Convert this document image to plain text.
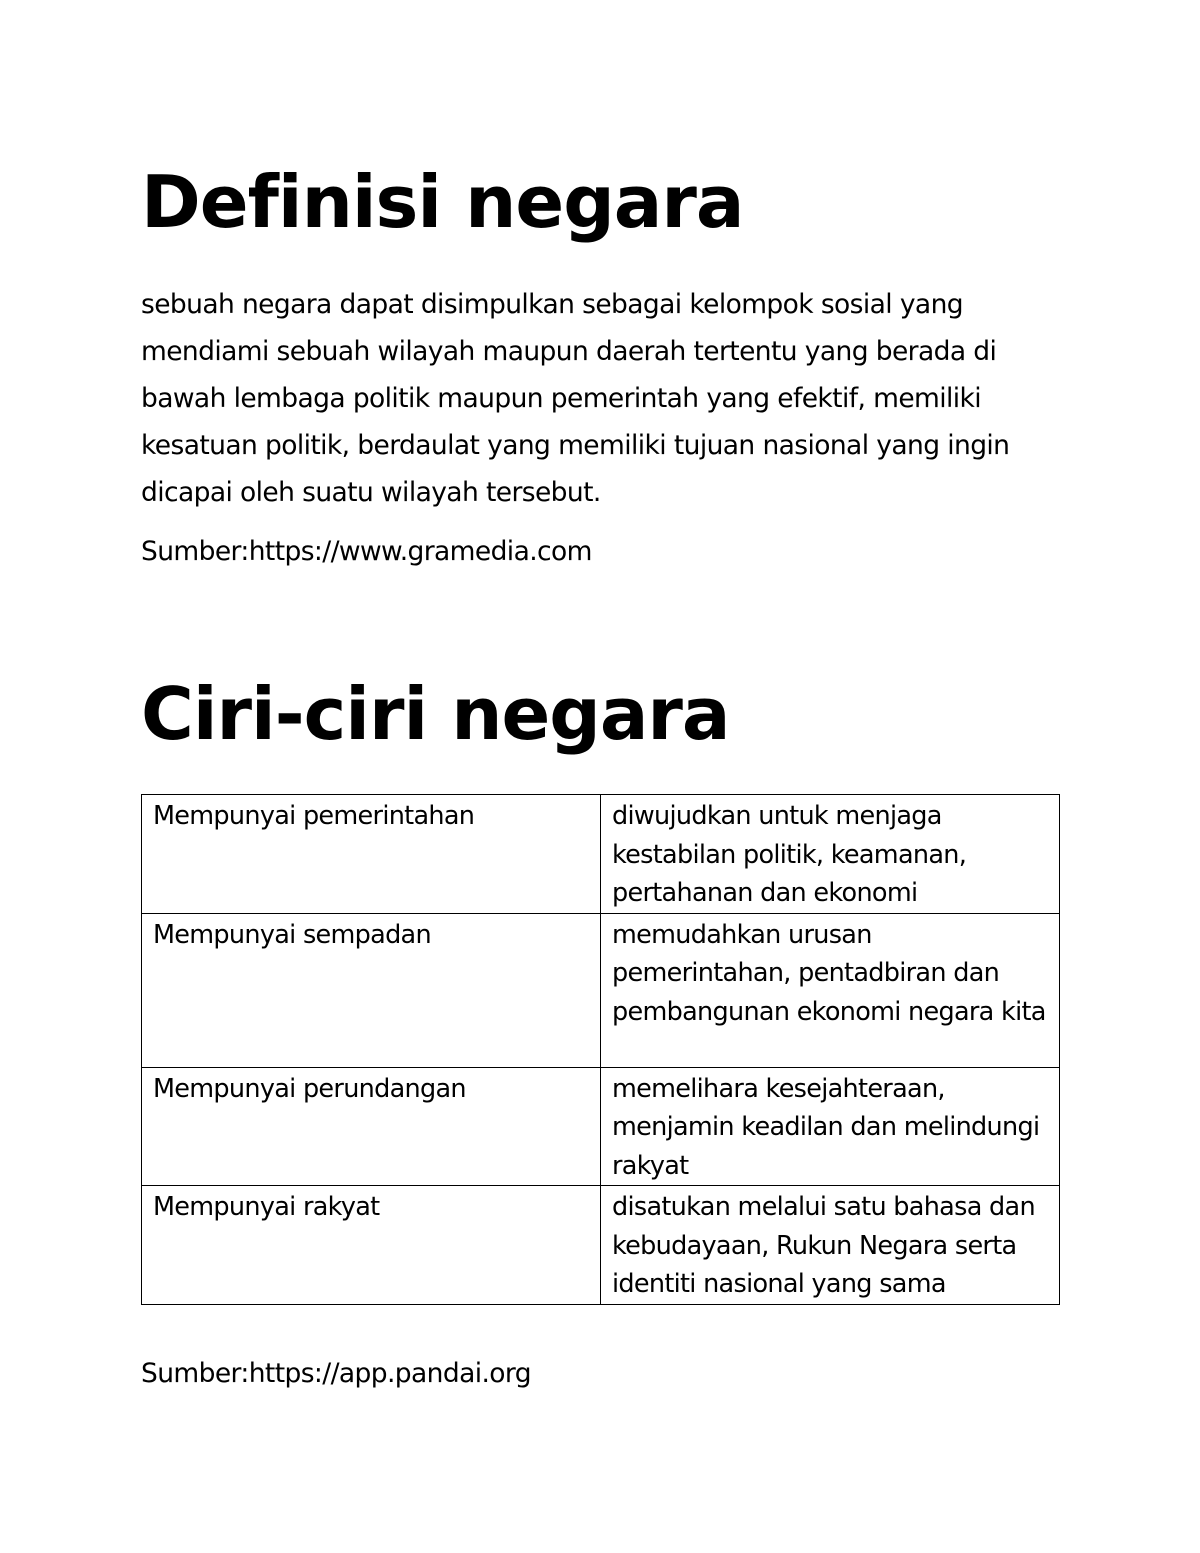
Definisi negara

sebuah negara dapat disimpulkan sebagai kelompok sosial yang mendiami sebuah wilayah maupun daerah tertentu yang berada di bawah lembaga politik maupun pemerintah yang efektif, memiliki kesatuan politik, berdaulat yang memiliki tujuan nasional yang ingin dicapai oleh suatu wilayah tersebut.

Sumber:https://www.gramedia.com

Ciri-ciri negara
Mempunyai pemerintahan	diwujudkan untuk menjaga kestabilan politik, keamanan, pertahanan dan ekonomi
Mempunyai sempadan	memudahkan urusan pemerintahan, pentadbiran dan pembangunan ekonomi negara kita
Mempunyai perundangan	memelihara kesejahteraan, menjamin keadilan dan melindungi rakyat
Mempunyai rakyat	disatukan melalui satu bahasa dan kebudayaan, Rukun Negara serta identiti nasional yang sama

Sumber:https://app.pandai.org
